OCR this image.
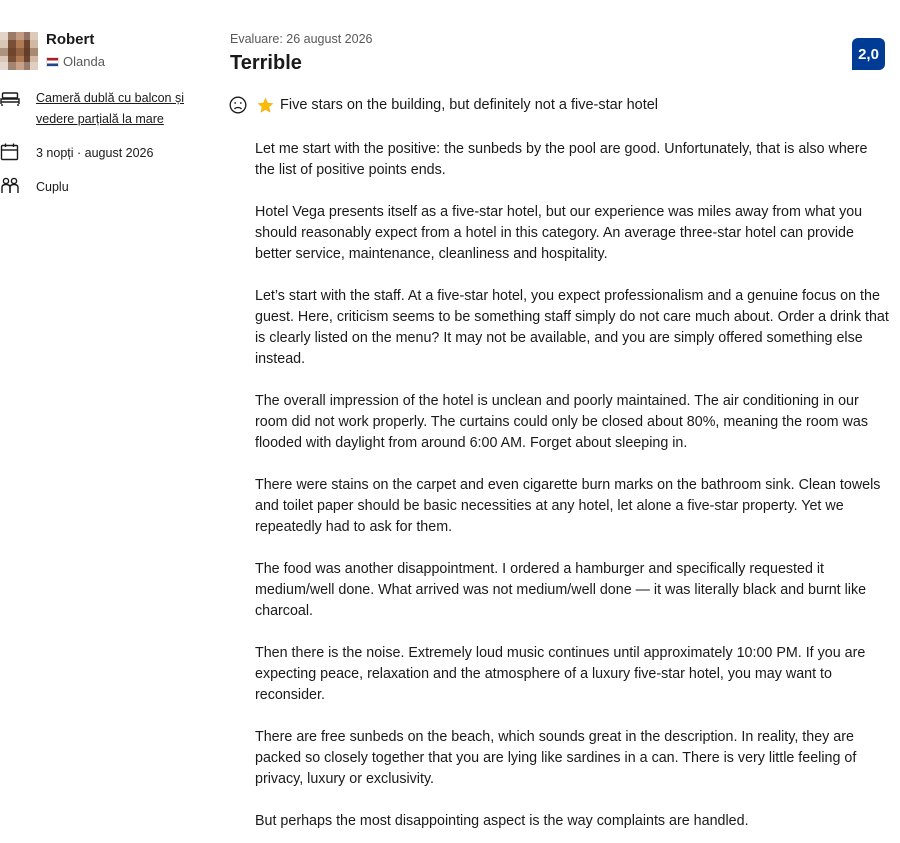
Robert
Olanda
Cameră dublă cu balcon și
vedere parțială la mare
3 nopți · august 2026
Cuplu
Evaluare: 26 august 2026
Terrible	2,0
Five stars on the building, but definitely not a five-star hotel

Let me start with the positive: the sunbeds by the pool are good. Unfortunately, that is also where the list of positive points ends.

Hotel Vega presents itself as a five-star hotel, but our experience was miles away from what you should reasonably expect from a hotel in this category. An average three-star hotel can provide better service, maintenance, cleanliness and hospitality.

Let’s start with the staff. At a five-star hotel, you expect professionalism and a genuine focus on the guest. Here, criticism seems to be something staff simply do not care much about. Order a drink that is clearly listed on the menu? It may not be available, and you are simply offered something else instead.

The overall impression of the hotel is unclean and poorly maintained. The air conditioning in our room did not work properly. The curtains could only be closed about 80%, meaning the room was flooded with daylight from around 6:00 AM. Forget about sleeping in.

There were stains on the carpet and even cigarette burn marks on the bathroom sink. Clean towels and toilet paper should be basic necessities at any hotel, let alone a five-star property. Yet we repeatedly had to ask for them.

The food was another disappointment. I ordered a hamburger and specifically requested it medium/well done. What arrived was not medium/well done — it was literally black and burnt like charcoal.

Then there is the noise. Extremely loud music continues until approximately 10:00 PM. If you are expecting peace, relaxation and the atmosphere of a luxury five-star hotel, you may want to reconsider.

There are free sunbeds on the beach, which sounds great in the description. In reality, they are packed so closely together that you are lying like sardines in a can. There is very little feeling of privacy, luxury or exclusivity.

But perhaps the most disappointing aspect is the way complaints are handled.
